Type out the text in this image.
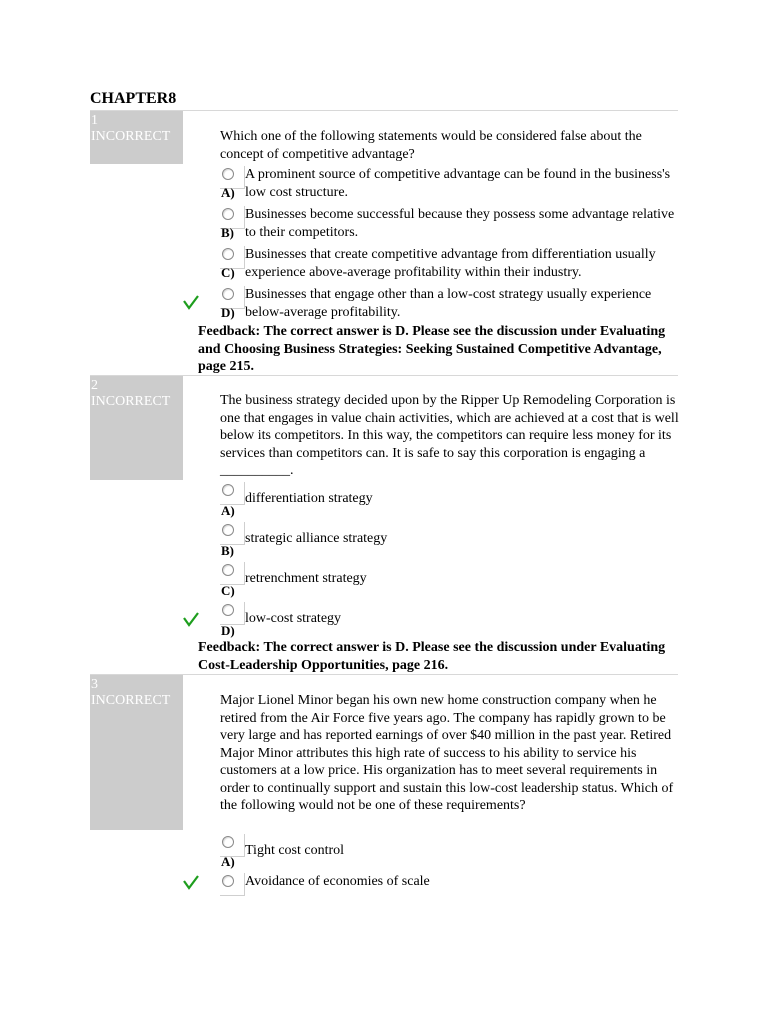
CHAPTER8
1
INCORRECT	Which one of the following statements would be considered false about the concept of competitive advantage?
A)
A prominent source of competitive advantage can be found in the business's low cost structure.
B)
Businesses become successful because they possess some advantage relative to their competitors.
C)
Businesses that create competitive advantage from differentiation usually experience above-average profitability within their industry.
D)
Businesses that engage other than a low-cost strategy usually experience below-average profitability.
Feedback: The correct answer is D. Please see the discussion under Evaluating and Choosing Business Strategies: Seeking Sustained Competitive Advantage, page 215.
2
INCORRECT	The business strategy decided upon by the Ripper Up Remodeling Corporation is one that engages in value chain activities, which are achieved at a cost that is well below its competitors. In this way, the competitors can require less money for its services than competitors can. It is safe to say this corporation is engaging a __________.
A)
differentiation strategy
B)
strategic alliance strategy
C)
retrenchment strategy
D)
low-cost strategy
Feedback: The correct answer is D. Please see the discussion under Evaluating Cost-Leadership Opportunities, page 216.
3
INCORRECT	Major Lionel Minor began his own new home construction company when he retired from the Air Force five years ago. The company has rapidly grown to be very large and has reported earnings of over $40 million in the past year. Retired Major Minor attributes this high rate of success to his ability to service his customers at a low price. His organization has to meet several requirements in order to continually support and sustain this low-cost leadership status. Which of the following would not be one of these requirements?
A)
Tight cost control
Avoidance of economies of scale
